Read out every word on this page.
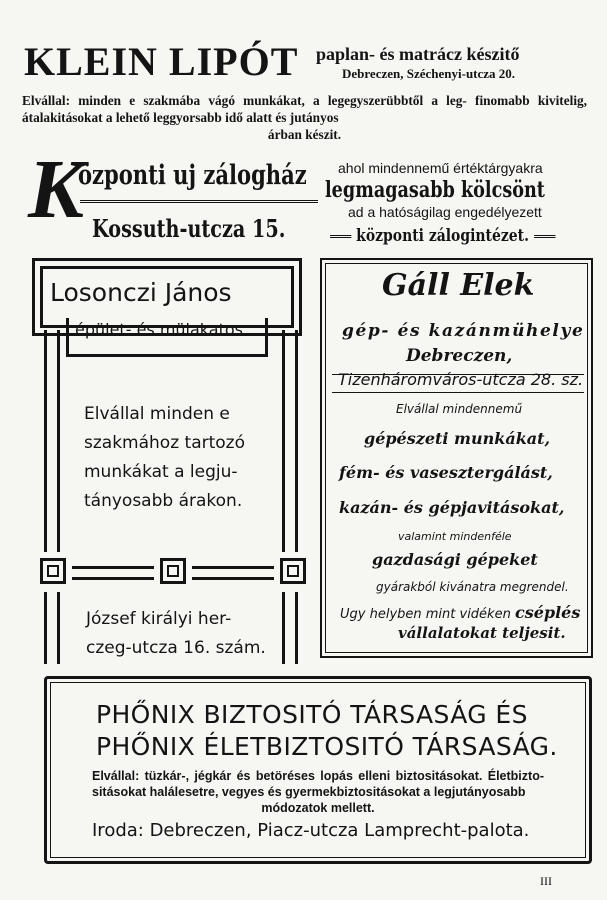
KLEIN LIPÓT paplan- és matrácz készitő
Debreczen, Széchenyi-utcza 20.
Elvállal: minden e szakmába vágó munkákat, a legegyszerübbtől a leg- finomabb kivitelig, átalakitásokat a lehető leggyorsabb idő alatt és jutányos
árban készit.
K
özponti uj zálogház
Kossuth-utcza 15.
ahol mindennemű értéktárgyakra
legmagasabb kölcsönt
ad a hatóságilag engedélyezett
központi zálogintézet.
Losonczi János
épület- és mülakatos
Elvállal minden e
szakmához tartozó
munkákat a legju-
tányosabb árakon.
József királyi her-
czeg-utcza 16. szám.
Gáll Elek
gép- és kazánmühelye
Debreczen,
Tizenháromváros-utcza 28. sz.
Elvállal mindennemű
gépészeti munkákat,
fém- és vasesztergálást,
kazán- és gépjavitásokat,
valamint mindenféle
gazdasági gépeket
gyárakból kivánatra megrendel.
Ugy helyben mint vidéken cséplés
vállalatokat teljesit.
PHŐNIX BIZTOSITÓ TÁRSASÁG ÉS
PHŐNIX ÉLETBIZTOSITÓ TÁRSASÁG.
Elvállal: tüzkár-, jégkár és betöréses lopás elleni biztositásokat. Életbizto- sitásokat halálesetre, vegyes és gyermekbiztositásokat a legjutányosabb
módozatok mellett.
Iroda: Debreczen, Piacz-utcza Lamprecht-palota.
III
